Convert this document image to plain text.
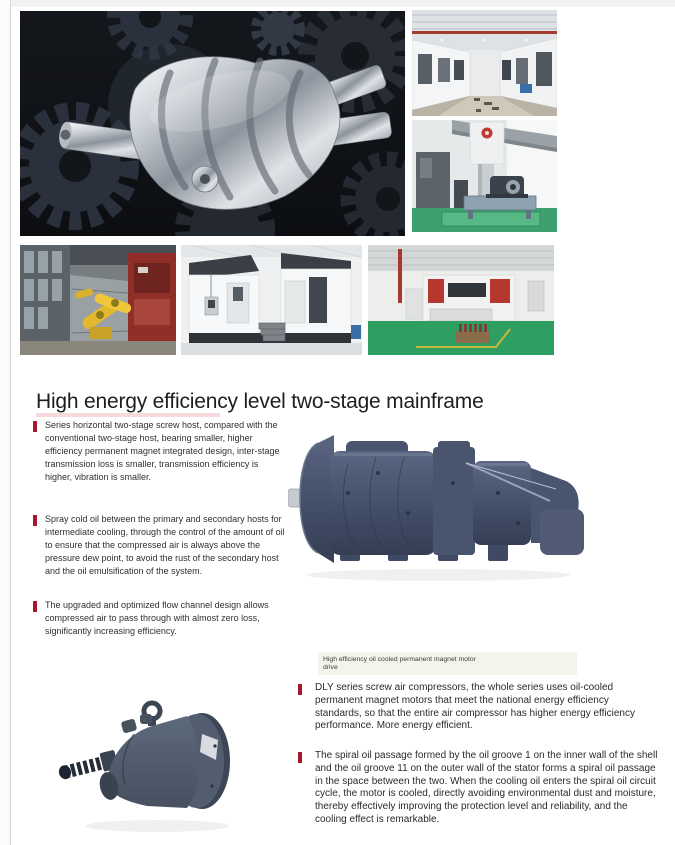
High energy efficiency level two-stage mainframe

Series horizontal two-stage screw host, compared with the conventional two-stage host, bearing smaller, higher efficiency permanent magnet integrated design, inter-stage transmission loss is smaller, transmission efficiency is higher, vibration is smaller.

Spray cold oil between the primary and secondary hosts for intermediate cooling, through the control of the amount of oil to ensure that the compressed air is always above the pressure dew point, to avoid the rust of the secondary host and the oil emulsification of the system.

The upgraded and optimized flow channel design allows compressed air to pass through with almost zero loss, significantly increasing efficiency.

High efficiency oil cooled permanent magnet motor drive

DLY series screw air compressors, the whole series uses oil-cooled permanent magnet motors that meet the national energy efficiency standards, so that the entire air compressor has higher energy efficiency performance. More energy efficient.

The spiral oil passage formed by the oil groove 1 on the inner wall of the shell and the oil groove 11 on the outer wall of the stator forms a spiral oil passage in the space between the two. When the cooling oil enters the spiral oil circuit cycle, the motor is cooled, directly avoiding environmental dust and moisture, thereby effectively improving the protection level and reliability, and the cooling effect is remarkable.
